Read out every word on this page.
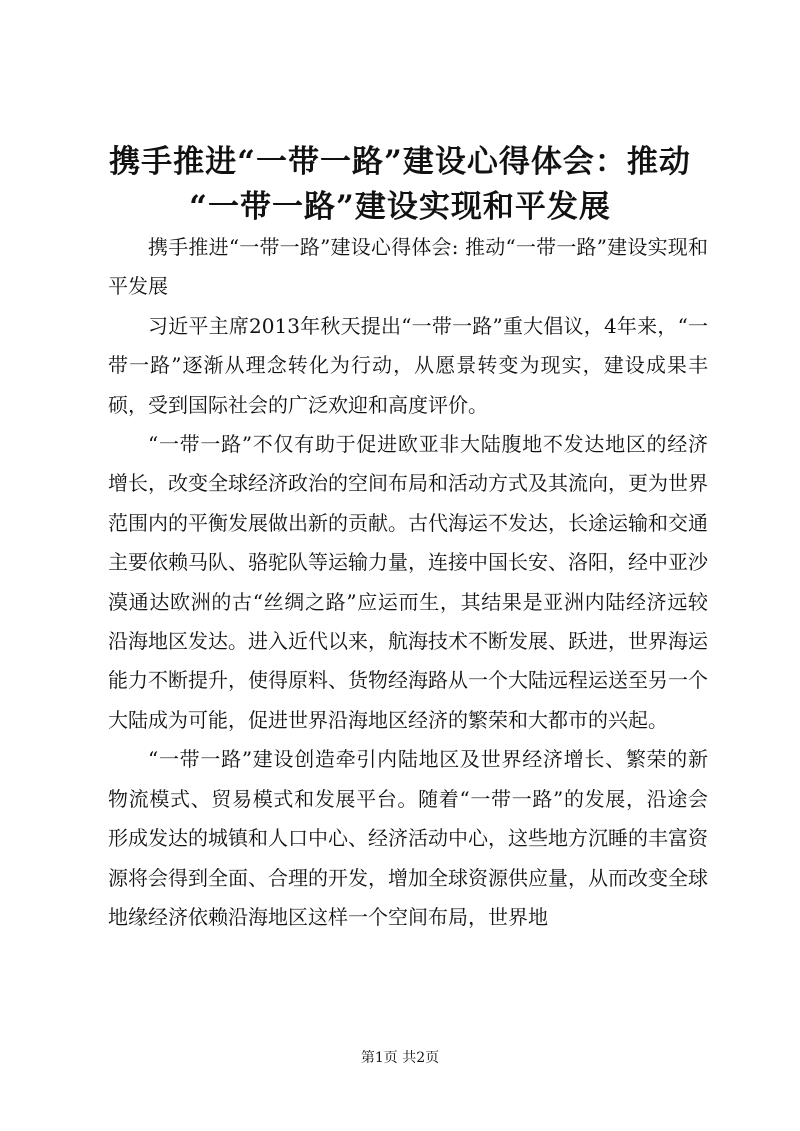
携手推进“一带一路”建设心得体会：推动
“一带一路”建设实现和平发展

携手推进“一带一路”建设心得体会: 推动“一带一路”建设实现和平发展

习近平主席2013年秋天提出“一带一路”重大倡议，4年来，“一带一路”逐渐从理念转化为行动，从愿景转变为现实，建设成果丰硕，受到国际社会的广泛欢迎和高度评价。

“一带一路”不仅有助于促进欧亚非大陆腹地不发达地区的经济增长，改变全球经济政治的空间布局和活动方式及其流向，更为世界范围内的平衡发展做出新的贡献。古代海运不发达，长途运输和交通主要依赖马队、骆驼队等运输力量，连接中国长安、洛阳，经中亚沙漠通达欧洲的古“丝绸之路”应运而生，其结果是亚洲内陆经济远较沿海地区发达。进入近代以来，航海技术不断发展、跃进，世界海运能力不断提升，使得原料、货物经海路从一个大陆远程运送至另一个大陆成为可能，促进世界沿海地区经济的繁荣和大都市的兴起。

“一带一路”建设创造牵引内陆地区及世界经济增长、繁荣的新物流模式、贸易模式和发展平台。随着“一带一路”的发展，沿途会形成发达的城镇和人口中心、经济活动中心，这些地方沉睡的丰富资源将会得到全面、合理的开发，增加全球资源供应量，从而改变全球地缘经济依赖沿海地区这样一个空间布局，世界地

第1页 共2页
